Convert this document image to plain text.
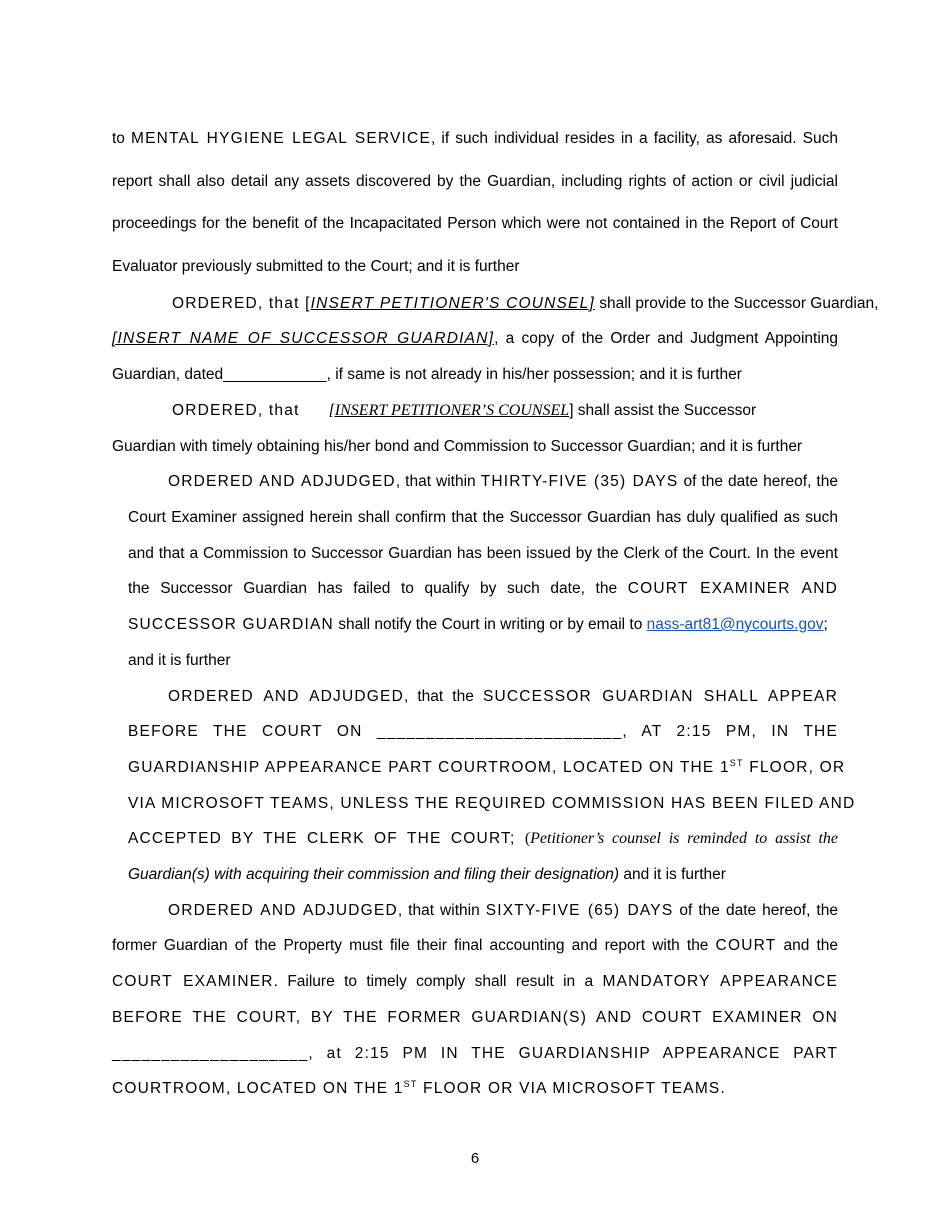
to MENTAL HYGIENE LEGAL SERVICE, if such individual resides in a facility, as aforesaid. Such
report shall also detail any assets discovered by the Guardian, including rights of action or civil judicial
proceedings for the benefit of the Incapacitated Person which were not contained in the Report of Court
Evaluator previously submitted to the Court; and it is further
ORDERED, that [INSERT PETITIONER'S COUNSEL] shall provide to the Successor Guardian,
[INSERT NAME OF SUCCESSOR GUARDIAN], a copy of the Order and Judgment Appointing
Guardian, dated____________, if same is not already in his/her possession; and it is further
ORDERED, that [INSERT PETITIONER’S COUNSEL] shall assist the Successor
Guardian with timely obtaining his/her bond and Commission to Successor Guardian; and it is further
ORDERED AND ADJUDGED, that within THIRTY-FIVE (35) DAYS of the date hereof, the
Court Examiner assigned herein shall confirm that the Successor Guardian has duly qualified as such
and that a Commission to Successor Guardian has been issued by the Clerk of the Court. In the event
the Successor Guardian has failed to qualify by such date, the COURT EXAMINER AND
SUCCESSOR GUARDIAN shall notify the Court in writing or by email to nass-art81@nycourts.gov;
and it is further
ORDERED AND ADJUDGED, that the SUCCESSOR GUARDIAN SHALL APPEAR
BEFORE THE COURT ON _________________________, AT 2:15 PM, IN THE
GUARDIANSHIP APPEARANCE PART COURTROOM, LOCATED ON THE 1ST FLOOR, OR
VIA MICROSOFT TEAMS, UNLESS THE REQUIRED COMMISSION HAS BEEN FILED AND
ACCEPTED BY THE CLERK OF THE COURT; (Petitioner’s counsel is reminded to assist the
Guardian(s) with acquiring their commission and filing their designation) and it is further
ORDERED AND ADJUDGED, that within SIXTY-FIVE (65) DAYS of the date hereof, the
former Guardian of the Property must file their final accounting and report with the COURT and the
COURT EXAMINER. Failure to timely comply shall result in a MANDATORY APPEARANCE
BEFORE THE COURT, BY THE FORMER GUARDIAN(S) AND COURT EXAMINER ON
____________________, at 2:15 PM IN THE GUARDIANSHIP APPEARANCE PART
COURTROOM, LOCATED ON THE 1ST FLOOR OR VIA MICROSOFT TEAMS.
6
